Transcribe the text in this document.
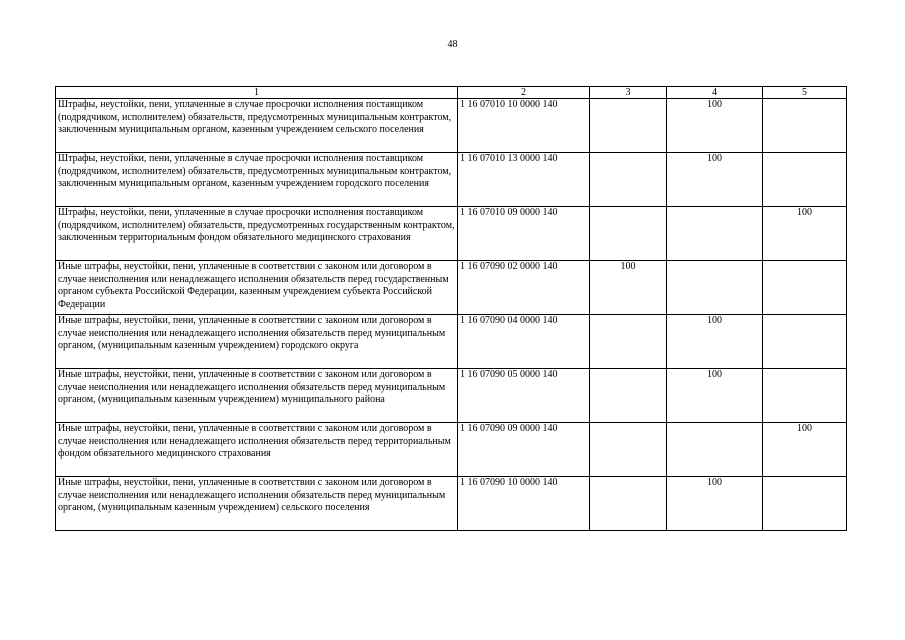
48
1	2	3	4	5
Штрафы, неустойки, пени, уплаченные в случае просрочки исполнения поставщиком (подрядчиком, исполнителем) обязательств, предусмотренных муниципальным контрактом, заключенным муниципальным органом, казенным учреждением сельского поселения	1 16 07010 10 0000 140		100	
Штрафы, неустойки, пени, уплаченные в случае просрочки исполнения поставщиком (подрядчиком, исполнителем) обязательств, предусмотренных муниципальным контрактом, заключенным муниципальным органом, казенным учреждением городского поселения	1 16 07010 13 0000 140		100	
Штрафы, неустойки, пени, уплаченные в случае просрочки исполнения поставщиком (подрядчиком, исполнителем) обязательств, предусмотренных государственным контрактом, заключенным территориальным фондом обязательного медицинского страхования	1 16 07010 09 0000 140			100
Иные штрафы, неустойки, пени, уплаченные в соответствии с законом или договором в случае неисполнения или ненадлежащего исполнения обязательств перед государственным органом субъекта Российской Федерации, казенным учреждением субъекта Российской Федерации	1 16 07090 02 0000 140	100		
Иные штрафы, неустойки, пени, уплаченные в соответствии с законом или договором в случае неисполнения или ненадлежащего исполнения обязательств перед муниципальным органом, (муниципальным казенным учреждением) городского округа	1 16 07090 04 0000 140		100	
Иные штрафы, неустойки, пени, уплаченные в соответствии с законом или договором в случае неисполнения или ненадлежащего исполнения обязательств перед муниципальным органом, (муниципальным казенным учреждением) муниципального района	1 16 07090 05 0000 140		100	
Иные штрафы, неустойки, пени, уплаченные в соответствии с законом или договором в случае неисполнения или ненадлежащего исполнения обязательств перед территориальным фондом обязательного медицинского страхования	1 16 07090 09 0000 140			100
Иные штрафы, неустойки, пени, уплаченные в соответствии с законом или договором в случае неисполнения или ненадлежащего исполнения обязательств перед муниципальным органом, (муниципальным казенным учреждением) сельского поселения	1 16 07090 10 0000 140		100	
